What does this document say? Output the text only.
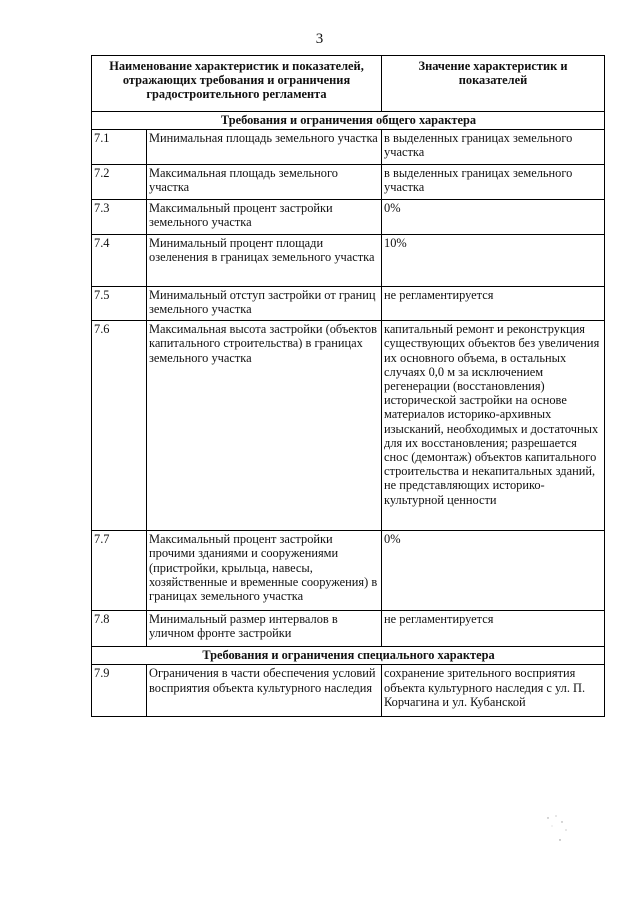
3
Наименование характеристик и показателей, отражающих требования и ограничения градостроительного регламента		Значение характеристик и показателей
Требования и ограничения общего характера		
7.1	Минимальная площадь земельного участка	в выделенных границах земельного участка
7.2	Максимальная площадь земельного участка	в выделенных границах земельного участка
7.3	Максимальный процент застройки земельного участка	0%
7.4	Минимальный процент площади озеленения в границах земельного участка	10%
7.5	Минимальный отступ застройки от границ земельного участка	не регламентируется
7.6	Максимальная высота застройки (объектов капитального строительства) в границах земельного участка	капитальный ремонт и реконструкция существующих объектов без увеличения их основного объема, в остальных случаях 0,0 м за исключением регенерации (восстановления) исторической застройки на основе материалов историко-архивных изысканий, необходимых и достаточных для их восстановления; разрешается снос (демонтаж) объектов капитального строительства и некапитальных зданий, не представляющих историко-культурной ценности
7.7	Максимальный процент застройки прочими зданиями и сооружениями (пристройки, крыльца, навесы, хозяйственные и временные сооружения) в границах земельного участка	0%
7.8	Минимальный размер интервалов в уличном фронте застройки	не регламентируется
Требования и ограничения специального характера		
7.9	Ограничения в части обеспечения условий восприятия объекта культурного наследия	сохранение зрительного восприятия объекта культурного наследия с ул. П. Корчагина и ул. Кубанской
